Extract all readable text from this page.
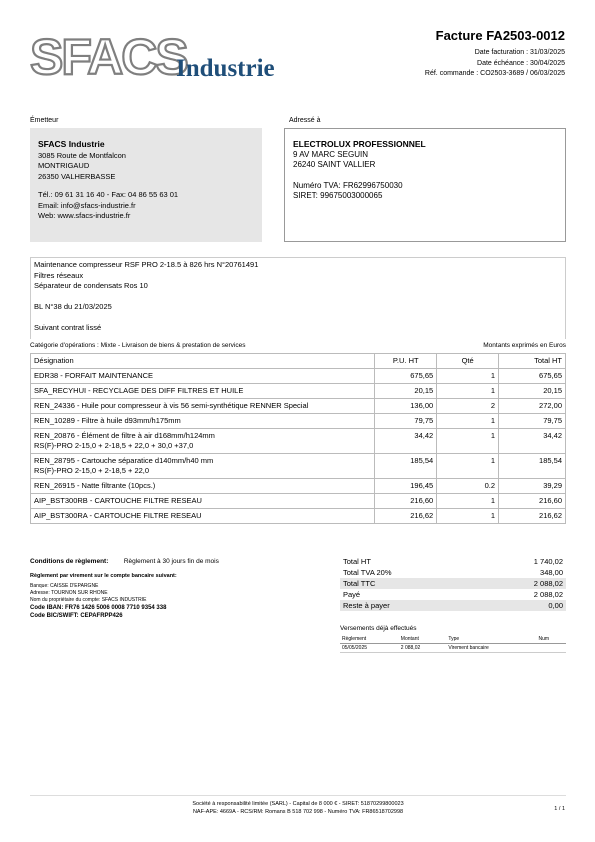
SFACS
Industrie
Facture FA2503-0012
Date facturation : 31/03/2025
Date échéance : 30/04/2025
Réf. commande : CO2503-3689 / 06/03/2025
Émetteur	Adressé à
SFACS Industrie
3085 Route de Montfalcon
MONTRIGAUD
26350 VALHERBASSE
Tél.: 09 61 31 16 40 - Fax: 04 86 55 63 01
Email: info@sfacs-industrie.fr
Web: www.sfacs-industrie.fr
ELECTROLUX PROFESSIONNEL
9 AV MARC SEGUIN
26240 SAINT VALLIER
Numéro TVA: FR62996750030
SIRET: 99675003000065
Maintenance compresseur RSF PRO 2-18.5 à 826 hrs N°20761491
Filtres réseaux
Séparateur de condensats Ros 10
BL N°38 du 21/03/2025
Suivant contrat lissé
Catégorie d'opérations : Mixte - Livraison de biens & prestation de services	Montants exprimés en Euros
Désignation	P.U. HT	Qté	Total HT

EDR38 - FORFAIT MAINTENANCE	675,65	1	675,65

SFA_RECYHUI - RECYCLAGE DES DIFF FILTRES ET HUILE	20,15	1	20,15

REN_24336 - Huile pour compresseur à vis 56 semi-synthétique RENNER Special	136,00	2	272,00

REN_10289 - Filtre à huile d93mm/h175mm	79,75	1	79,75

REN_20876 - Élément de filtre à air d168mm/h124mm
RS(F)-PRO 2-15,0 + 2-18,5 + 22,0 + 30,0 +37,0	34,42	1	34,42

REN_28795 - Cartouche séparatice d140mm/h40 mm
RS(F)-PRO 2-15,0 + 2-18,5 + 22,0	185,54	1	185,54

REN_26915 - Natte filtrante (10pcs.)	196,45	0.2	39,29

AIP_BST300RB - CARTOUCHE FILTRE RESEAU	216,60	1	216,60

AIP_BST300RA - CARTOUCHE FILTRE RESEAU	216,62	1	216,62
Conditions de règlement: Règlement à 30 jours fin de mois
Règlement par virement sur le compte bancaire suivant:
Banque: CAISSE D'EPARGNE
Adresse: TOURNON SUR RHONE
Nom du propriétaire du compte: SFACS INDUSTRIE
Code IBAN: FR76 1426 5006 0008 7710 9354 338
Code BIC/SWIFT: CEPAFRPP426
Total HT	1 740,02
Total TVA 20%	348,00
Total TTC	2 088,02
Payé	2 088,02
Reste à payer	0,00
Versements déjà effectués
Règlement	Montant	Type	Num
05/05/2025	2 088,02	Virement bancaire	
Société à responsabilité limitée (SARL) - Capital de 8 000 € - SIRET: 51870299800023
NAF-APE: 4669A - RCS/RM: Romans B 518 702 998 - Numéro TVA: FR86518702998	1 / 1
